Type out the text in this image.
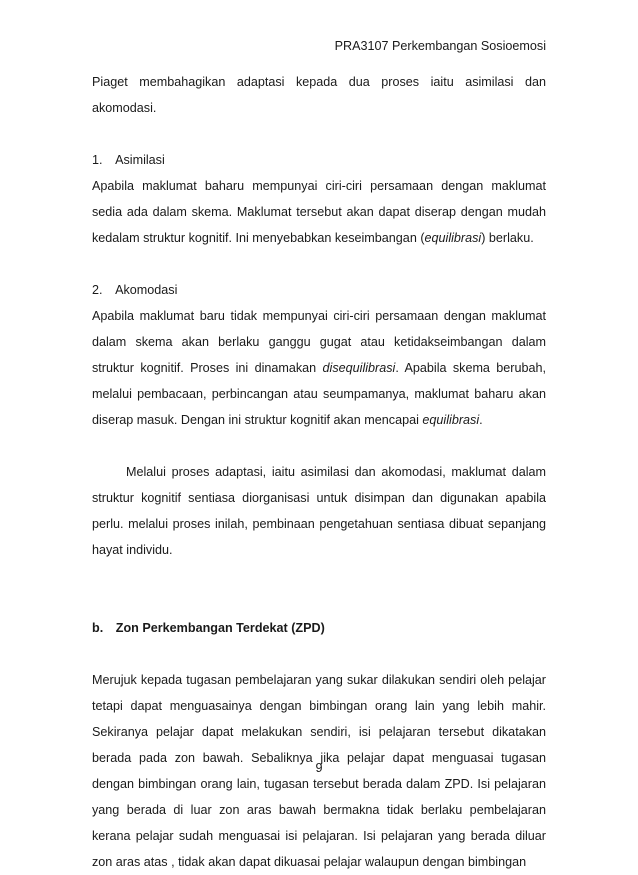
PRA3107 Perkembangan Sosioemosi

Piaget membahagikan adaptasi kepada dua proses iaitu asimilasi dan akomodasi.

1. Asimilasi

Apabila maklumat baharu mempunyai ciri-ciri persamaan dengan maklumat sedia ada dalam skema. Maklumat tersebut akan dapat diserap dengan mudah kedalam struktur kognitif. Ini menyebabkan keseimbangan (equilibrasi) berlaku.

2. Akomodasi

Apabila maklumat baru tidak mempunyai ciri-ciri persamaan dengan maklumat dalam skema akan berlaku ganggu gugat atau ketidakseimbangan dalam struktur kognitif. Proses ini dinamakan disequilibrasi. Apabila skema berubah, melalui pembacaan, perbincangan atau seumpamanya, maklumat baharu akan diserap masuk. Dengan ini struktur kognitif akan mencapai equilibrasi.

Melalui proses adaptasi, iaitu asimilasi dan akomodasi, maklumat dalam struktur kognitif sentiasa diorganisasi untuk disimpan dan digunakan apabila perlu. melalui proses inilah, pembinaan pengetahuan sentiasa dibuat sepanjang hayat individu.

b. Zon Perkembangan Terdekat (ZPD)

Merujuk kepada tugasan pembelajaran yang sukar dilakukan sendiri oleh pelajar tetapi dapat menguasainya dengan bimbingan orang lain yang lebih mahir. Sekiranya pelajar dapat melakukan sendiri, isi pelajaran tersebut dikatakan berada pada zon bawah. Sebaliknya jika pelajar dapat menguasai tugasan dengan bimbingan orang lain, tugasan tersebut berada dalam ZPD. Isi pelajaran yang berada di luar zon aras bawah bermakna tidak berlaku pembelajaran kerana pelajar sudah menguasai isi pelajaran. Isi pelajaran yang berada diluar zon aras atas , tidak akan dapat dikuasai pelajar walaupun dengan bimbingan

9
